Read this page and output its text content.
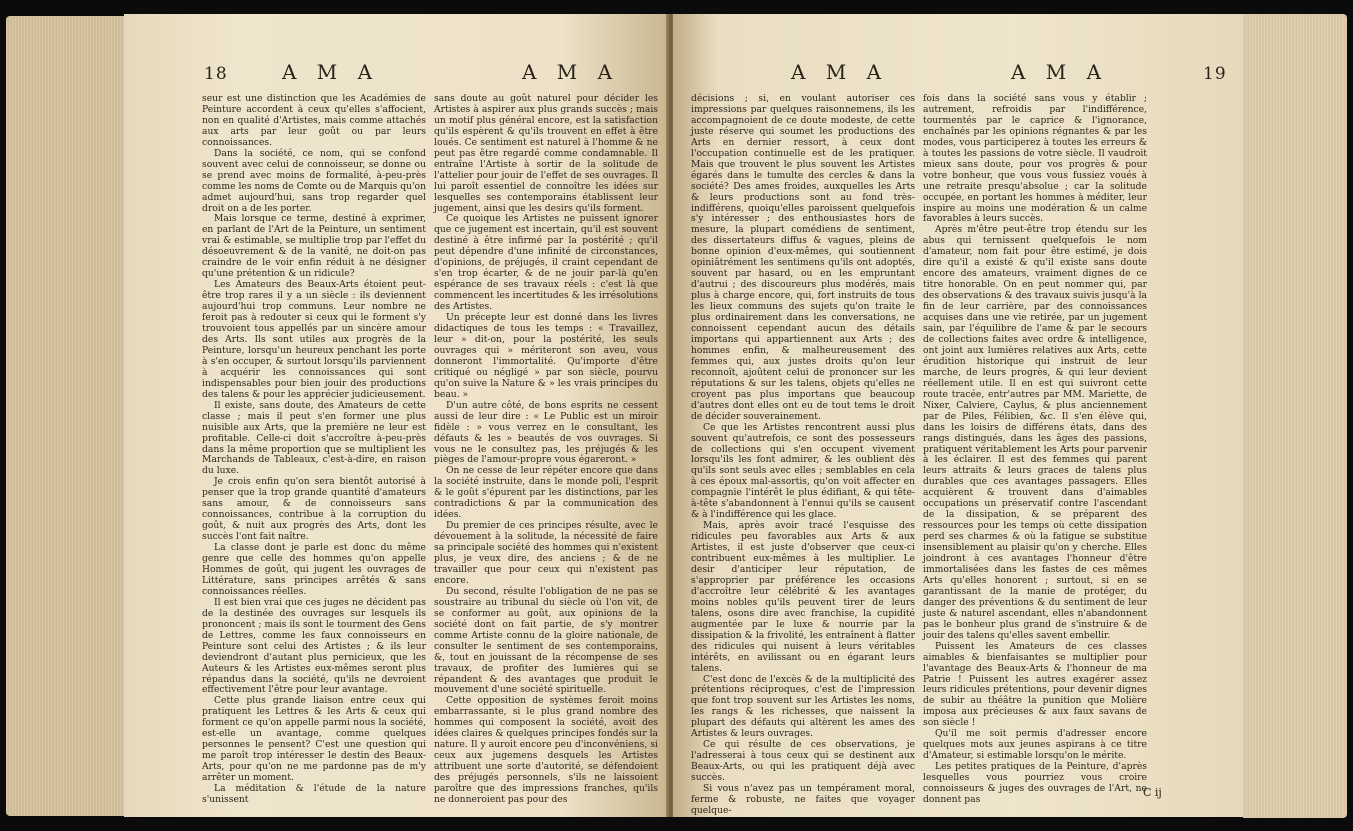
18	A M A	A M A

seur est une distinction que les Académies de Peinture accordent à ceux qu'elles s'affocient, non en qualité d'Artistes, mais comme attachés aux arts par leur goût ou par leurs connoissances.

Dans la société, ce nom, qui se confond souvent avec celui de connoisseur, se donne ou se prend avec moins de formalité, à-peu-près comme les noms de Comte ou de Marquis qu'on admet aujourd'hui, sans trop regarder quel droit on a de les porter.

Mais lorsque ce terme, destiné à exprimer, en parlant de l'Art de la Peinture, un sentiment vrai & estimable, se multiplie trop par l'effet du désoeuvrement & de la vanité, ne doit-on pas craindre de le voir enfin réduit à ne désigner qu'une prétention & un ridicule?

Les Amateurs des Beaux-Arts étoient peut-être trop rares il y a un siècle : ils deviennent aujourd'hui trop communs. Leur nombre ne feroit pas à redouter si ceux qui le forment s'y trouvoient tous appellés par un sincère amour des Arts. Ils sont utiles aux progrès de la Peinture, lorsqu'un heureux penchant les porte à s'en occuper, & surtout lorsqu'ils parviennent à acquérir les connoissances qui sont indispensables pour bien jouir des productions des talens & pour les apprécier judicieusement.

Il existe, sans doute, des Amateurs de cette classe ; mais il peut s'en former une plus nuisible aux Arts, que la première ne leur est profitable. Celle-ci doit s'accroître à-peu-près dans la même proportion que se multiplient les Marchands de Tableaux, c'est-à-dire, en raison du luxe.

Je crois enfin qu'on sera bientôt autorisé à penser que la trop grande quantité d'amateurs sans amour, & de connoisseurs sans connoissances, contribue à la corruption du goût, & nuit aux progrès des Arts, dont les succès l'ont fait naître.

La classe dont je parle est donc du même genre que celle des hommes qu'on appelle Hommes de goût, qui jugent les ouvrages de Littérature, sans principes arrêtés & sans connoissances réelles.

Il est bien vrai que ces juges ne décident pas de la destinée des ouvrages sur lesquels ils prononcent ; mais ils sont le tourment des Gens de Lettres, comme les faux connoisseurs en Peinture sont celui des Artistes ; & ils leur deviendront d'autant plus pernicieux, que les Auteurs & les Artistes eux-mêmes seront plus répandus dans la société, qu'ils ne devroient effectivement l'être pour leur avantage.

Cette plus grande liaison entre ceux qui pratiquent les Lettres & les Arts & ceux qui forment ce qu'on appelle parmi nous la société, est-elle un avantage, comme quelques personnes le pensent? C'est une question qui me paroît trop intéresser le destin des Beaux-Arts, pour qu'on ne me pardonne pas de m'y arrêter un moment.

La méditation & l'étude de la nature s'unissent

sans doute au goût naturel pour décider les Artistes à aspirer aux plus grands succès ; mais un motif plus général encore, est la satisfaction qu'ils espèrent & qu'ils trouvent en effet à être loués. Ce sentiment est naturel à l'homme & ne peut pas être regardé comme condamnable. Il entraîne l'Artiste à sortir de la solitude de l'attelier pour jouir de l'effet de ses ouvrages. Il lui paroît essentiel de connoître les idées sur lesquelles ses contemporains établissent leur jugement, ainsi que les desirs qu'ils forment.

Ce quoique les Artistes ne puissent ignorer que ce jugement est incertain, qu'il est souvent destiné à être infirmé par la postérité ; qu'il peut dépendre d'une infinité de circonstances, d'opinions, de préjugés, il craint cependant de s'en trop écarter, & de ne jouir par-là qu'en espérance de ses travaux réels : c'est là que commencent les incertitudes & les irrésolutions des Artistes.

Un précepte leur est donné dans les livres didactiques de tous les temps : « Travaillez, leur » dit-on, pour la postérité, les seuls ouvrages qui » mériteront son aveu, vous donneront l'immortalité. Qu'importe d'être critiqué ou négligé » par son siècle, pourvu qu'on suive la Nature & » les vrais principes du beau. »

D'un autre côté, de bons esprits ne cessent aussi de leur dire : « Le Public est un miroir fidèle : » vous verrez en le consultant, les défauts & les » beautés de vos ouvrages. Si vous ne le consultez pas, les préjugés & les pièges de l'amour-propre vous égareront. »

On ne cesse de leur répéter encore que dans la société instruite, dans le monde poli, l'esprit & le goût s'épurent par les distinctions, par les contradictions & par la communication des idées.

Du premier de ces principes résulte, avec le dévouement à la solitude, la nécessité de faire sa principale société des hommes qui n'existent plus, je veux dire, des anciens ; & de ne travailler que pour ceux qui n'existent pas encore.

Du second, résulte l'obligation de ne pas se soustraire au tribunal du siècle où l'on vit, de se conformer au goût, aux opinions de la société dont on fait partie, de s'y montrer comme Artiste connu de la gloire nationale, de consulter le sentiment de ses contemporains, &, tout en jouissant de la récompense de ses travaux, de profiter des lumières qui se répandent & des avantages que produit le mouvement d'une société spirituelle.

Cette opposition de systèmes feroit moins embarrassante, si le plus grand nombre des hommes qui composent la société, avoit des idées claires & quelques principes fondés sur la nature. Il y auroit encore peu d'inconvéniens, si ceux aux jugemens desquels les Artistes attribuent une sorte d'autorité, se défendoient des préjugés personnels, s'ils ne laissoient paroître que des impressions franches, qu'ils ne donneroient pas pour des

A M A	A M A	19

décisions ; si, en voulant autoriser ces impressions par quelques raisonnemens, ils les accompagnoient de ce doute modeste, de cette juste réserve qui soumet les productions des Arts en dernier ressort, à ceux dont l'occupation continuelle est de les pratiquer. Mais que trouvent le plus souvent les Artistes égarés dans le tumulte des cercles & dans la société? Des ames froides, auxquelles les Arts & leurs productions sont au fond très-indifférens, quoiqu'elles paroissent quelquefois s'y intéresser ; des enthousiastes hors de mesure, la plupart comédiens de sentiment, des dissertateurs diffus & vagues, pleins de bonne opinion d'eux-mêmes, qui soutiennent opiniâtrément les sentimens qu'ils ont adoptés, souvent par hasard, ou en les empruntant d'autrui ; des discoureurs plus modérés, mais plus à charge encore, qui, fort instruits de tous les lieux communs des sujets qu'on traite le plus ordinairement dans les conversations, ne connoissent cependant aucun des détails importans qui appartiennent aux Arts ; des hommes enfin, & malheureusement des femmes qui, aux justes droits qu'on leur reconnoît, ajoûtent celui de prononcer sur les réputations & sur les talens, objets qu'elles ne croyent pas plus importans que beaucoup d'autres dont elles ont eu de tout tems le droit de décider souverainement.

Ce que les Artistes rencontrent aussi plus souvent qu'autrefois, ce sont des possesseurs de collections qui s'en occupent vivement lorsqu'ils les font admirer, & les oublient dès qu'ils sont seuls avec elles ; semblables en cela à ces époux mal-assortis, qu'on voit affecter en compagnie l'intérêt le plus édifiant, & qui tête-à-tête s'abandonnent à l'ennui qu'ils se causent & à l'indifférence qui les glace.

Mais, après avoir tracé l'esquisse des ridicules peu favorables aux Arts & aux Artistes, il est juste d'observer que ceux-ci contribuent eux-mêmes à les multiplier. Le desir d'anticiper leur réputation, de s'approprier par préférence les occasions d'accroître leur célébrité & les avantages moins nobles qu'ils peuvent tirer de leurs talens, osons dire avec franchise, la cupidité augmentée par le luxe & nourrie par la dissipation & la frivolité, les entraînent à flatter des ridicules qui nuisent à leurs véritables intérêts, en avilissant ou en égarant leurs talens.

C'est donc de l'excès & de la multiplicité des prétentions réciproques, c'est de l'impression que font trop souvent sur les Artistes les noms, les rangs & les richesses, que naissent la plupart des défauts qui altèrent les ames des Artistes & leurs ouvrages.

Ce qui résulte de ces observations, je l'adresserai à tous ceux qui se destinent aux Beaux-Arts, ou qui les pratiquent déjà avec succès.

Si vous n'avez pas un tempérament moral, ferme & robuste, ne faites que voyager quelque-

fois dans la société sans vous y établir ; autrement, refroidis par l'indifférence, tourmentés par le caprice & l'ignorance, enchaînés par les opinions régnantes & par les modes, vous participerez à toutes les erreurs & à toutes les passions de votre siècle. Il vaudroit mieux sans doute, pour vos progrès & pour votre bonheur, que vous vous fussiez voués à une retraite presqu'absolue ; car la solitude occupée, en portant les hommes à méditer, leur inspire au moins une modération & un calme favorables à leurs succès.

Après m'être peut-être trop étendu sur les abus qui ternissent quelquefois le nom d'amateur, nom fait pour être estimé, je dois dire qu'il a existé & qu'il existe sans doute encore des amateurs, vraiment dignes de ce titre honorable. On en peut nommer qui, par des observations & des travaux suivis jusqu'à la fin de leur carrière, par des connoissances acquises dans une vie retirée, par un jugement sain, par l'équilibre de l'ame & par le secours de collections faites avec ordre & intelligence, ont joint aux lumières relatives aux Arts, cette érudition historique qui instruit de leur marche, de leurs progrès, & qui leur devient réellement utile. Il en est qui suivront cette route tracée, entr'autres par MM. Mariette, de Nixer, Calviere, Caylus, & plus anciennement par de Piles, Félibien, &c. Il s'en élève qui, dans les loisirs de différens états, dans des rangs distingués, dans les âges des passions, pratiquent véritablement les Arts pour parvenir à les éclairer. Il est des femmes qui parent leurs attraits & leurs graces de talens plus durables que ces avantages passagers. Elles acquièrent & trouvent dans d'aimables occupations un préservatif contre l'ascendant de la dissipation, & se préparent des ressources pour les temps où cette dissipation perd ses charmes & où la fatigue se substitue insensiblement au plaisir qu'on y cherche. Elles joindront à ces avantages l'honneur d'être immortalisées dans les fastes de ces mêmes Arts qu'elles honorent ; surtout, si en se garantissant de la manie de protéger, du danger des préventions & du sentiment de leur juste & naturel ascendant, elles n'abandonnent pas le bonheur plus grand de s'instruire & de jouir des talens qu'elles savent embellir.

Puissent les Amateurs de ces classes aimables & bienfaisantes se multiplier pour l'avantage des Beaux-Arts & l'honneur de ma Patrie ! Puissent les autres exagérer assez leurs ridicules prétentions, pour devenir dignes de subir au théâtre la punition que Molière imposa aux précieuses & aux faux savans de son siècle !

Qu'il me soit permis d'adresser encore quelques mots aux jeunes aspirans à ce titre d'Amateur, si estimable lorsqu'on le mérite.

Les petites pratiques de la Peinture, d'après lesquelles vous pourriez vous croire connoisseurs & juges des ouvrages de l'Art, ne donnent pas

C ij
